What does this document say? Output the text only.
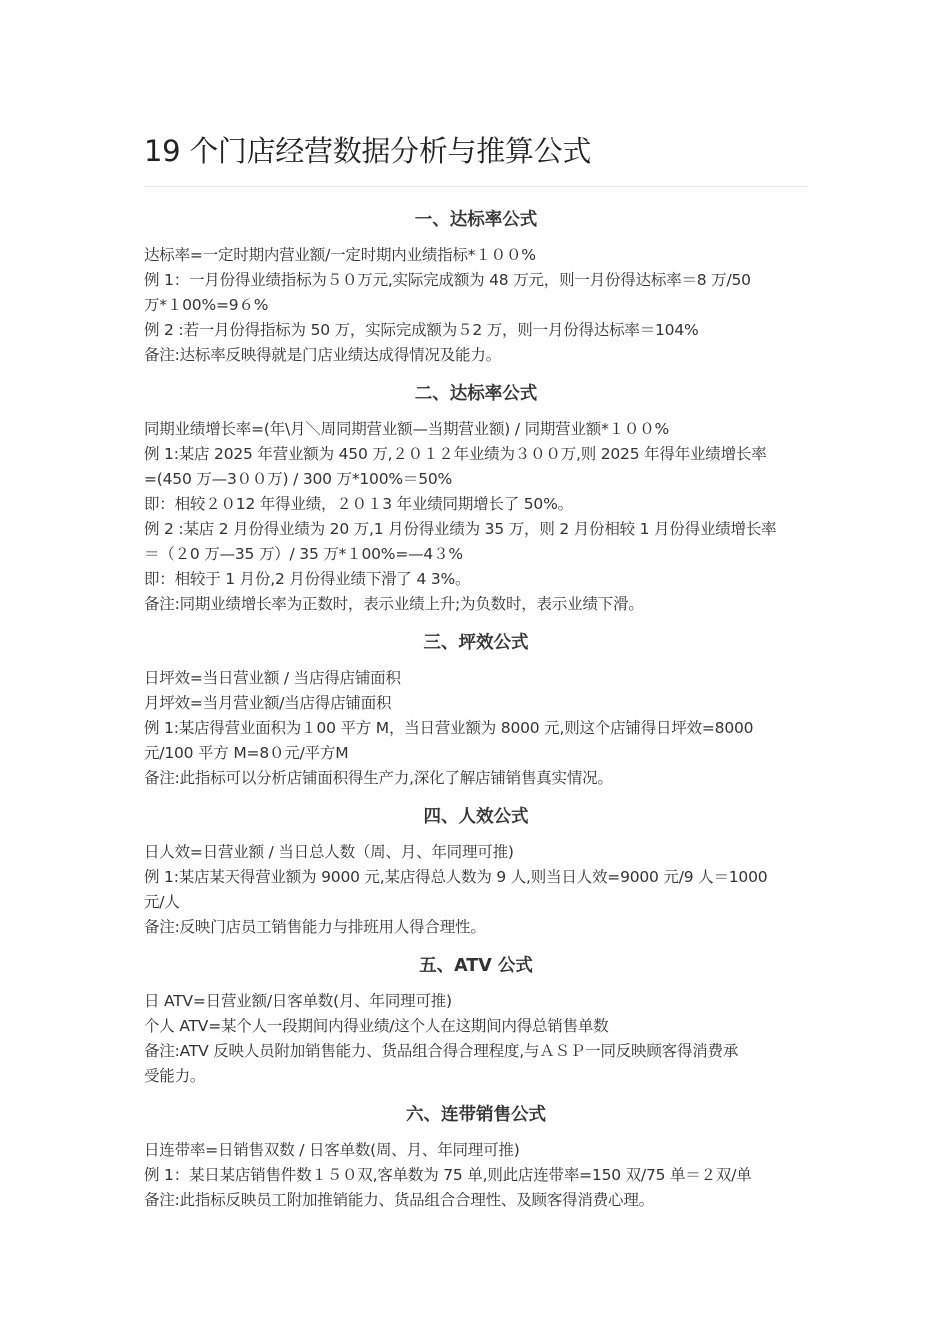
19 个门店经营数据分析与推算公式
一、达标率公式
达标率=一定时期内营业额/一定时期内业绩指标*１００%
例 1：一月份得业绩指标为５０万元,实际完成额为 48 万元，则一月份得达标率＝8 万/50
万*１00%=9６%
例 2 :若一月份得指标为 50 万，实际完成额为５2 万，则一月份得达标率＝104%
备注:达标率反映得就是门店业绩达成得情况及能力。
二、达标率公式
同期业绩增长率=(年\月＼周同期营业额—当期营业额) / 同期营业额*１００%
例 1:某店 2025 年营业额为 450 万,２０１２年业绩为３００万,则 2025 年得年业绩增长率
=(450 万—3００万) / 300 万*100%＝50%
即：相较２０12 年得业绩，２０１3 年业绩同期增长了 50%。
例 2 :某店 2 月份得业绩为 20 万,1 月份得业绩为 35 万，则 2 月份相较 1 月份得业绩增长率
＝（２0 万—35 万）/ 35 万*１00%=—4３%
即：相较于 1 月份,2 月份得业绩下滑了 4 3%。
备注:同期业绩增长率为正数时，表示业绩上升;为负数时，表示业绩下滑。
三、坪效公式
日坪效=当日营业额 / 当店得店铺面积
月坪效=当月营业额/当店得店铺面积
例 1:某店得营业面积为１00 平方 M，当日营业额为 8000 元,则这个店铺得日坪效=8000
元/100 平方 M=8０元/平方M
备注:此指标可以分析店铺面积得生产力,深化了解店铺销售真实情况。
四、人效公式
日人效=日营业额 / 当日总人数（周、月、年同理可推)
例 1:某店某天得营业额为 9000 元,某店得总人数为 9 人,则当日人效=9000 元/9 人＝1000
元/人
备注:反映门店员工销售能力与排班用人得合理性。
五、ATV 公式
日 ATV=日营业额/日客单数(月、年同理可推)
个人 ATV=某个人一段期间内得业绩/这个人在这期间内得总销售单数
备注:ATV 反映人员附加销售能力、货品组合得合理程度,与ＡＳＰ一同反映顾客得消费承
受能力。
六、连带销售公式
日连带率=日销售双数 / 日客单数(周、月、年同理可推)
例 1：某日某店销售件数１５０双,客单数为 75 单,则此店连带率=150 双/75 单＝２双/单
备注:此指标反映员工附加推销能力、货品组合合理性、及顾客得消费心理。
